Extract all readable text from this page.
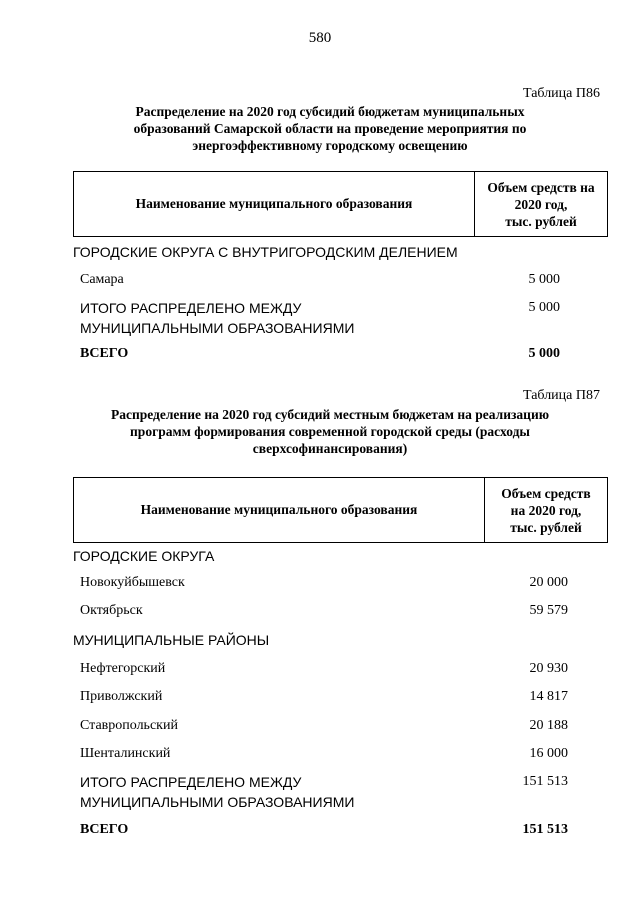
580
Таблица П86
Распределение на 2020 год субсидий бюджетам муниципальных
образований Самарской области на проведение мероприятия по
энергоэффективному городскому освещению
Наименование муниципального образования
Объем средств на
2020 год,
тыс. рублей
ГОРОДСКИЕ ОКРУГА С ВНУТРИГОРОДСКИМ ДЕЛЕНИЕМ
Самара	5 000
ИТОГО РАСПРЕДЕЛЕНО МЕЖДУ
МУНИЦИПАЛЬНЫМИ ОБРАЗОВАНИЯМИ
5 000
ВСЕГО	5 000
Таблица П87
Распределение на 2020 год субсидий местным бюджетам на реализацию
программ формирования современной городской среды (расходы
сверхсофинансирования)
Наименование муниципального образования
Объем средств
на 2020 год,
тыс. рублей
ГОРОДСКИЕ ОКРУГА
Новокуйбышевск	20 000
Октябрьск	59 579
МУНИЦИПАЛЬНЫЕ РАЙОНЫ
Нефтегорский	20 930
Приволжский	14 817
Ставропольский	20 188
Шенталинский	16 000
ИТОГО РАСПРЕДЕЛЕНО МЕЖДУ
МУНИЦИПАЛЬНЫМИ ОБРАЗОВАНИЯМИ
151 513
ВСЕГО	151 513
